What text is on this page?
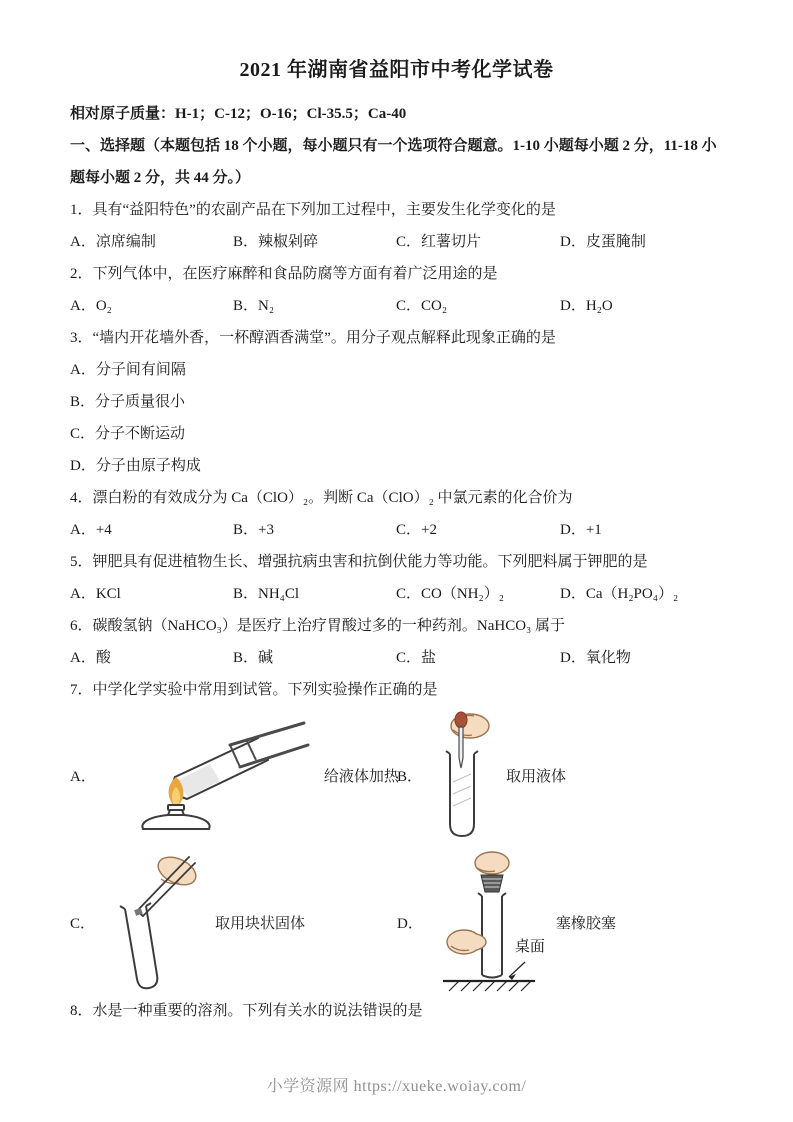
2021 年湖南省益阳市中考化学试卷
相对原子质量：H-1；C-12；O-16；Cl-35.5；Ca-40
一、选择题（本题包括 18 个小题，每小题只有一个选项符合题意。1-10 小题每小题 2 分，11-18 小题每小题 2 分，共 44 分。）
1．具有“益阳特色”的农副产品在下列加工过程中，主要发生化学变化的是
A．凉席编制	B．辣椒剁碎	C．红薯切片	D．皮蛋腌制
2．下列气体中，在医疗麻醉和食品防腐等方面有着广泛用途的是
A．O₂	B．N₂	C．CO₂	D．H₂O
3．“墙内开花墙外香，一杯醇酒香满堂”。用分子观点解释此现象正确的是
A．分子间有间隔
B．分子质量很小
C．分子不断运动
D．分子由原子构成
4．漂白粉的有效成分为 Ca（ClO）₂。判断 Ca（ClO）₂ 中氯元素的化合价为
A．+4	B．+3	C．+2	D．+1
5．钾肥具有促进植物生长、增强抗病虫害和抗倒伏能力等功能。下列肥料属于钾肥的是
A．KCl	B．NH₄Cl	C．CO（NH₂）₂	D．Ca（H₂PO₄）₂
6．碳酸氢钠（NaHCO₃）是医疗上治疗胃酸过多的一种药剂。NaHCO₃ 属于
A．酸	B．碱	C．盐	D．氧化物
7．中学化学实验中常用到试管。下列实验操作正确的是
A．	给液体加热
B．	取用液体
C．	取用块状固体	D．
桌面
塞橡胶塞
8．水是一种重要的溶剂。下列有关水的说法错误的是
小学资源网 https://xueke.woiay.com/
